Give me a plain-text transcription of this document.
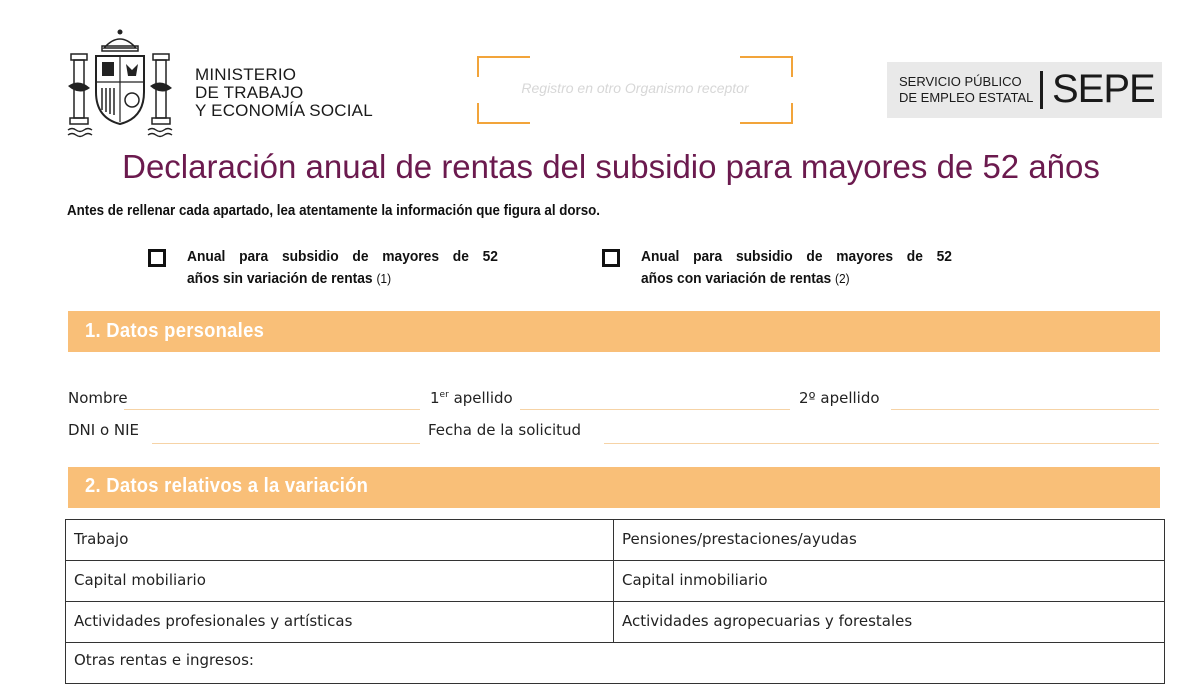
MINISTERIO
DE TRABAJO
Y ECONOMÍA SOCIAL
Registro en otro Organismo receptor	SERVICIO PÚBLICO
DE EMPLEO ESTATAL SEPE
Declaración anual de rentas del subsidio para mayores de 52 años
Antes de rellenar cada apartado, lea atentamente la información que figura al dorso.
Anual para subsidio de mayores de 52
años sin variación de rentas (1)
Anual para subsidio de mayores de 52
años con variación de rentas (2)
1. Datos personales
Nombre	1er apellido	2º apellido
DNI o NIE	Fecha de la solicitud
2. Datos relativos a la variación
Trabajo	Pensiones/prestaciones/ayudas
Capital mobiliario	Capital inmobiliario
Actividades profesionales y artísticas	Actividades agropecuarias y forestales
Otras rentas e ingresos:
